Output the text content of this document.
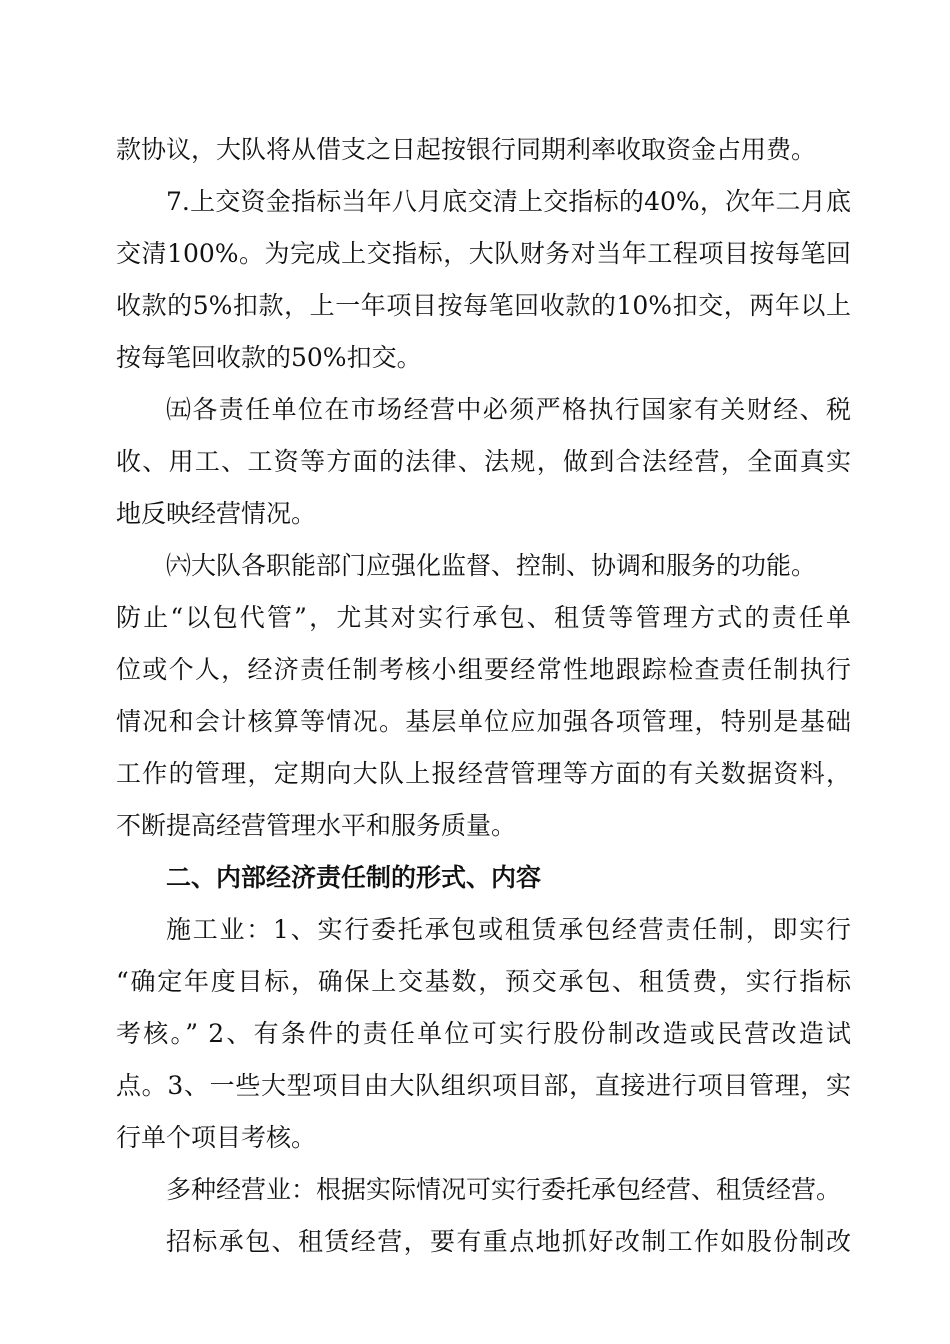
款协议，大队将从借支之日起按银行同期利率收取资金占用费。
7.上交资金指标当年八月底交清上交指标的40%，次年二月底
交清100%。为完成上交指标，大队财务对当年工程项目按每笔回
收款的5%扣款，上一年项目按每笔回收款的10%扣交，两年以上
按每笔回收款的50%扣交。
㈤各责任单位在市场经营中必须严格执行国家有关财经、税
收、用工、工资等方面的法律、法规，做到合法经营，全面真实
地反映经营情况。
㈥大队各职能部门应强化监督、控制、协调和服务的功能。
防止“以包代管”，尤其对实行承包、租赁等管理方式的责任单
位或个人，经济责任制考核小组要经常性地跟踪检查责任制执行
情况和会计核算等情况。基层单位应加强各项管理，特别是基础
工作的管理，定期向大队上报经营管理等方面的有关数据资料，
不断提高经营管理水平和服务质量。
二、内部经济责任制的形式、内容
施工业：1、实行委托承包或租赁承包经营责任制，即实行
“确定年度目标，确保上交基数，预交承包、租赁费，实行指标
考核。” 2、有条件的责任单位可实行股份制改造或民营改造试
点。3、一些大型项目由大队组织项目部，直接进行项目管理，实
行单个项目考核。
多种经营业：根据实际情况可实行委托承包经营、租赁经营。
招标承包、租赁经营，要有重点地抓好改制工作如股份制改
